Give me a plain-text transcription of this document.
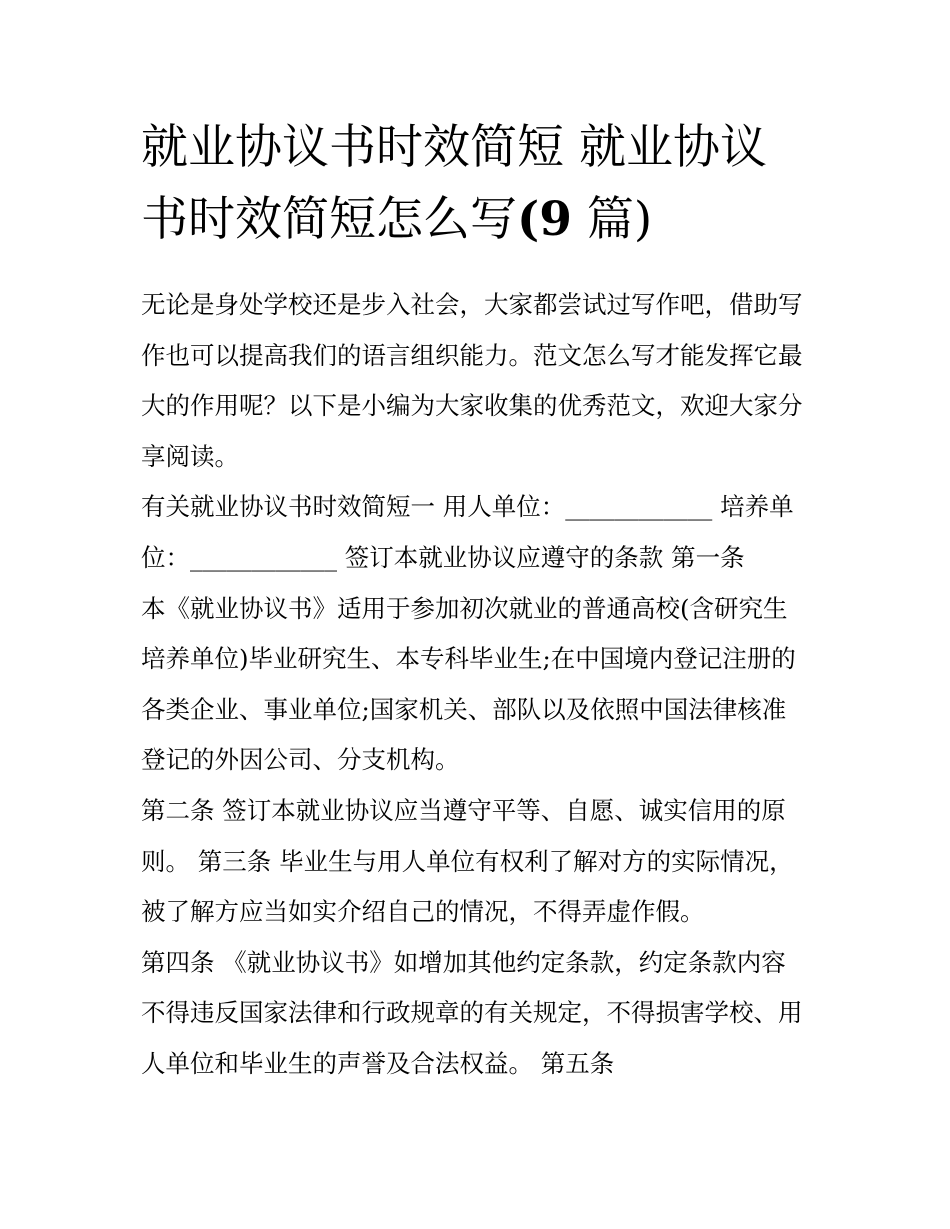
就业协议书时效简短 就业协议
书时效简短怎么写(9 篇)
无论是身处学校还是步入社会，大家都尝试过写作吧，借助写
作也可以提高我们的语言组织能力。范文怎么写才能发挥它最
大的作用呢？以下是小编为大家收集的优秀范文，欢迎大家分
享阅读。
有关就业协议书时效简短一 用人单位：____________ 培养单
位：____________ 签订本就业协议应遵守的条款 第一条
本《就业协议书》适用于参加初次就业的普通高校(含研究生
培养单位)毕业研究生、本专科毕业生;在中国境内登记注册的
各类企业、事业单位;国家机关、部队以及依照中国法律核准
登记的外因公司、分支机构。
第二条 签订本就业协议应当遵守平等、自愿、诚实信用的原
则。 第三条 毕业生与用人单位有权利了解对方的实际情况，
被了解方应当如实介绍自己的情况，不得弄虚作假。
第四条 《就业协议书》如增加其他约定条款，约定条款内容
不得违反国家法律和行政规章的有关规定，不得损害学校、用
人单位和毕业生的声誉及合法权益。 第五条
